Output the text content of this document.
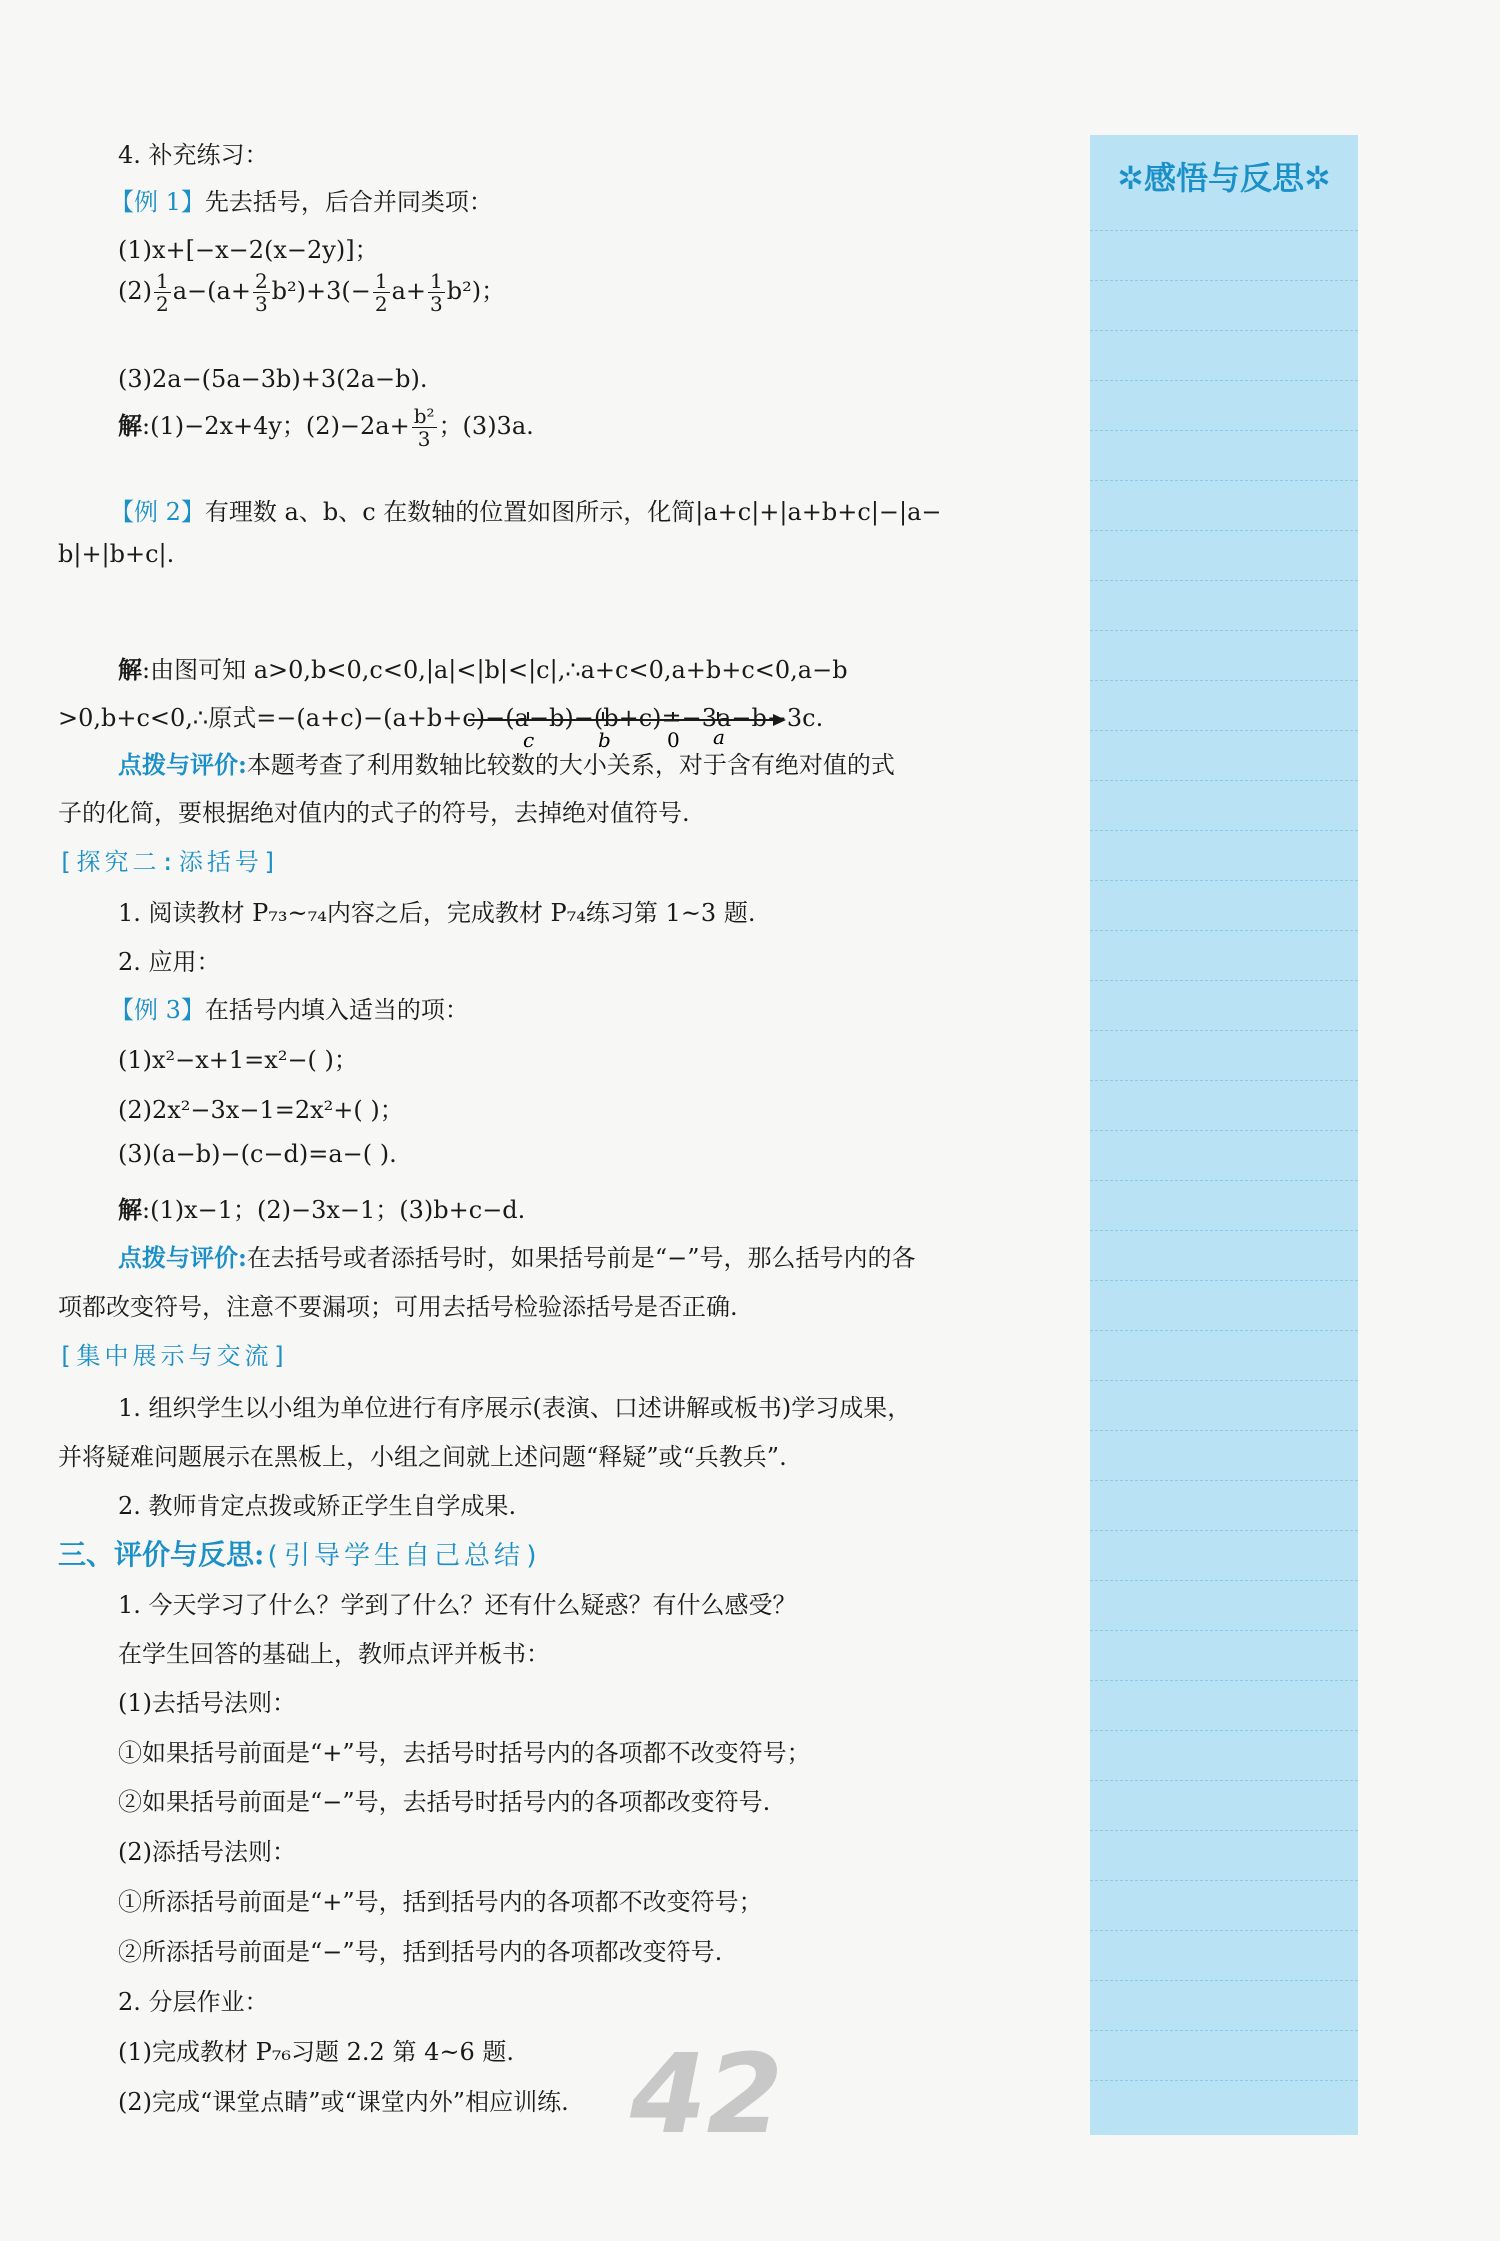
4. 补充练习：
【例 1】先去括号，后合并同类项：
(1)x+[−x−2(x−2y)]；
$(2) \frac{1}{2} a-(a+ \frac{2}{3} b^2)+3(- \frac{1}{2} a+ \frac{1}{3} b^2)$；
(3)2a−(5a−3b)+3(2a−b).
解:(1)−2x+4y；$(2)-2a+ \frac{\text{b²}}{3}$ ；(3)3a.
【例 2】有理数 a、b、c 在数轴的位置如图所示，化简|a+c|+|a+b+c|−|a−
b|+|b+c|.
c	b	0 a
解:由图可知 a>0,b<0,c<0,|a|<|b|<|c|,∴a+c<0,a+b+c<0,a−b
>0,b+c<0,∴原式=−(a+c)−(a+b+c)−(a−b)−(b+c)=−3a−b−3c.
点拨与评价:本题考查了利用数轴比较数的大小关系，对于含有绝对值的式
子的化简，要根据绝对值内的式子的符号，去掉绝对值符号.
[探究二:添括号]
1. 阅读教材 P₇₃~₇₄内容之后，完成教材 P₇₄练习第 1~3 题.
2. 应用：
【例 3】在括号内填入适当的项：
(1)x²−x+1=x²−( )；
(2)2x²−3x−1=2x²+( )；
(3)(a−b)−(c−d)=a−( ).
解:(1)x−1；(2)−3x−1；(3)b+c−d.
点拨与评价:在去括号或者添括号时，如果括号前是“−”号，那么括号内的各
项都改变符号，注意不要漏项；可用去括号检验添括号是否正确.
[集中展示与交流]
1. 组织学生以小组为单位进行有序展示(表演、口述讲解或板书)学习成果，
并将疑难问题展示在黑板上，小组之间就上述问题“释疑”或“兵教兵”.
2. 教师肯定点拨或矫正学生自学成果.
三、评价与反思:(引导学生自己总结)
1. 今天学习了什么？学到了什么？还有什么疑惑？有什么感受？
在学生回答的基础上，教师点评并板书：
(1)去括号法则：
①如果括号前面是“+”号，去括号时括号内的各项都不改变符号；
②如果括号前面是“−”号，去括号时括号内的各项都改变符号.
(2)添括号法则：
①所添括号前面是“+”号，括到括号内的各项都不改变符号；
②所添括号前面是“−”号，括到括号内的各项都改变符号.
2. 分层作业：
(1)完成教材 P₇₆习题 2.2 第 4~6 题.
(2)完成“课堂点睛”或“课堂内外”相应训练.
✲感悟与反思✲
42
